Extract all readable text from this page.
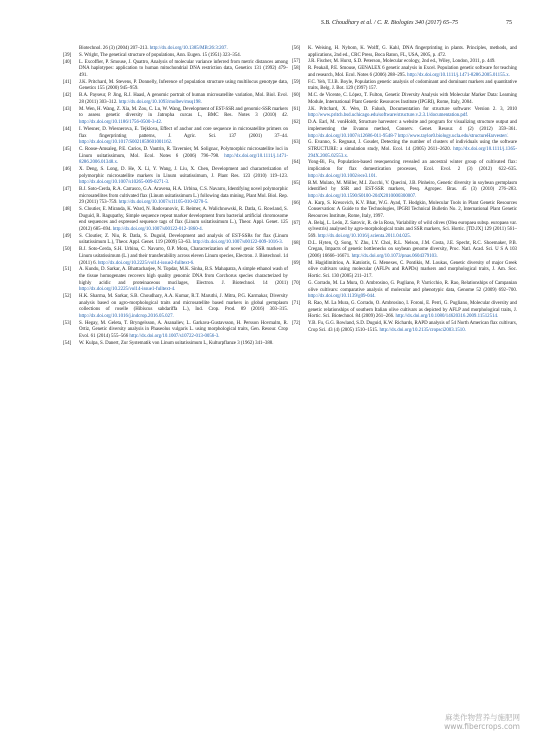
S.B. Choudhary et al. / C. R. Biologies 340 (2017) 65–75	75

Biotechnol. 26 (3) (2004) 207–213. http://dx.doi.org/10.1385/MB:26:3:207.

[39] S. Wright, The genetical structure of populations, Ann. Eugen. 15 (1951) 323–354.

[40] L. Excoffier, P. Smouse, J. Quattro, Analysis of molecular variance inferred from metric distances among DNA haplotypes: application to human mitochondrial DNA restriction data, Genetics 131 (1992) 479–491.

[41] J.K. Pritchard, M. Stevens, P. Donnelly, Inference of population structure using multilocus genotype data, Genetics 155 (2000) 945–959.

[42] B.A. Payseur, P. Jing, R.J. Haasl, A genomic portrait of human microsatellite variation, Mol. Biol. Evol. 28 (2011) 303–312. http://dx.doi.org/10.1093/molbev/msq198.

[43] M. Wen, H. Wang, Z. Xia, M. Zou, C. Lu, W. Wang, Development of EST-SSR and genomic-SSR markers to assess genetic diversity in Jatropha curcas L, BMC Res. Notes 3 (2010) 42. http://dx.doi.org/10.1186/1756-0500-3-42.

[44] I. Wiesner, D. Wiesnerova, E. Tejklova, Effect of anchor and core sequence in microsatellite primers on flax fingerprinting patterns, J. Agric. Sci. 137 (2001) 37–44. http://dx.doi.org/10.1017/S0021859601001162.

[45] C. Roose-Amsaleg, P.E. Carios, D. Vautrin, R. Tavernier, M. Solignac, Polymorphic microsatellite loci in Linum usitatissimum, Mol. Ecol. Notes 6 (2006) 796–798. http://dx.doi.org/10.1111/j.1471-8286.2006.01348.x.

[46] X. Deng, S. Long, D. He, X. Li, Y. Wang, J. Liu, X. Chen, Development and characterization of polymorphic microsatellite markers in Linum usitatissimum, J. Plant Res. 123 (2010) 119–123. http://dx.doi.org/10.1007/s10265-009-0271-3.

[47] B.J. Soto-Cerda, R.A. Carrasco, G.A. Aravena, H.A. Urbina, C.S. Navarro, Identifying novel polymorphic microsatellites from cultivated flax (Linum usitatissimum L.) following data mining, Plant Mol. Biol. Rep. 29 (2011) 753–759. http://dx.doi.org/10.1007/s11105-010-0270-5.

[48] S. Cloutier, E. Miranda, K. Ward, N. Radovanovic, E. Reimer, A. Walichnowski, R. Datla, G. Rowland, S. Duguid, R. Ragupathy, Simple sequence repeat marker development from bacterial artificial chromosome end sequences and expressed sequence tags of flax (Linum usitatissimum L.), Theor. Appl. Genet. 125 (2012) 685–694. http://dx.doi.org/10.1007/s00122-012-1860-4.

[49] S. Cloutier, Z. Niu, R. Datla, S. Duguid, Development and analysis of EST-SSRs for flax (Linum usitatissimum L.), Theor. Appl. Genet. 119 (2009) 53–63. http://dx.doi.org/10.1007/s00122-009-1016-3.

[50] B.J. Soto-Cerda, S.H. Urbina, C. Navarro, O.P. Mora, Characterization of novel genic SSR markers in Linum usitatissimum (L.) and their transferability across eleven Linum species, Electron. J. Biotechnol. 14 (2011) 6. http://dx.doi.org/10.2225/vol14-issue2-fulltext-6.

[51] A. Kundu, D. Sarkar, A. Bhattacharjee, N. Topdar, M.K. Sinha, B.S. Mahapatra, A simple ethanol wash of the tissue homogenates recovers high quality genomic DNA from Corchorus species characterized by highly acidic and proteinaceous mucilages, Electron. J. Biotechnol. 14 (2011) http://dx.doi.org/10.2225/vol14-issue1-fulltext-4.

[52] H.K. Sharma, M. Sarkar, S.B. Choudhary, A.A. Kumar, R.T. Maruthi, J. Mitra, P.G. Karmakar, Diversity analysis based on agro-morphological traits and microsatellite based markers in global germplasm collections of roselle (Hibiscus sabdariffa L.), Ind. Crop. Prod. 89 (2016) 303–315. http://dx.doi.org/10.1016/j.indcrop.2016.05.027.

[53] S. Hegay, M. Geleta, T. Bryngelsson, A. Asanaliev, L. Garkava-Gustavsson, H. Persson Hovmalm, R. Ortiz, Genetic diversity analysis in Phaseolus vulgaris L. using morphological traits, Gen. Resour. Crop Evol. 61 (2014) 555–566 http://dx.doi.org/10.1007/s10722-013-0056-3.

[54] W. Kulpa, S. Danert, Zur Systematik von Linum usitatissimum L, Kulturpflanze 3 (1962) 341–388.

[56] K. Weising, H. Nybom, K. Wolff, G. Kahl, DNA fingerprinting in plants. Principles, methods, and applications, 2nd ed., CRC Press, Boca Raton, FL, USA, 2005, p. 472.

[57] J.R. Fischer, M. Hurst, S.D. Peterson, Molecular ecology, 2nd ed., Wiley, London, 2011, p. 449.

[58] R. Peakall, P.E. Smouse, GENALEX 6 genetic analysis in Excel. Population genetic software for teaching and research, Mol. Ecol. Notes 6 (2006) 288–295. http://dx.doi.org/10.1111/j.1471-8286.2005.01155.x.

[59] F.C. Yeh, T.J.B. Boyle, Population genetic analysis of codominant and dominant markers and quantitative traits, Belg. J. Bot. 129 (1997) 157.

[60] M.C. de Vicente, C. López, T. Fulton, Genetic Diversity Analysis with Molecular Marker Data: Learning Module, International Plant Genetic Resources Institute (IPGRI), Rome, Italy, 2004.

[61] J.K. Pritchard, X. Wen, D. Falush, Documentation for structure software: Version 2. 3, 2010 http://www.pritch.bsd.uchicago.edu/software/structure.v.2.3.1/documentation.pdf.

[62] D.A. Earl, M. vonHoldt, Structure harvester: a website and program for visualizing structure output and implementing the Evanno method, Conserv. Genet. Resour. 4 (2) (2012) 359–361. http://dx.doi.org/10.1007/s12686-011-9548-7 http://www.taylor0.biology.ucla.edu/structureHarvester/.

[63] G. Evanno, S. Regnaut, J. Goudet, Detecting the number of clusters of individuals using the software STRUCTURE: a simulation study, Mol. Ecol. 14 (2005) 2611–2620. http://dx.doi.org/10.1111/j.1365-294X.2005.02553.x.

[64] Yong-Bi, Fu, Population-based resequencing revealed an ancestral winter group of cultivated flax: implication for flax domestication processes, Ecol. Evol. 2 (3) (2012) 622–635. http://dx.doi.org/10.1002/ece3.101.

[65] B.M. Mulato, M. Möller, M.I. Zucchi, V. Quecini, J.B. Pinheiro, Genetic diversity in soybean germplasm identified by SSR and EST-SSR markers, Pesq. Agropec. Bras. 45 (3) (2010) 276–283. http://dx.doi.org/10.1590/S0100-204X2010000300007.

[66] A. Karp, S. Kresovich, K.V. Bhat, W.G. Ayad, T. Hodgkin, Molecular Tools in Plant Genetic Resources Conservation: A Guide to the Technologies, IPGRI Technical Bulletin No. 2, International Plant Genetic Resources Institute, Rome, Italy, 1997.

[67] A. Belaj, L. León, Z. Satovic, R. de la Rosa, Variability of wild olives (Olea europaea subsp. europaea var. sylvestris) analysed by agro-morphological traits and SSR markers, Sci. Hortic. [TD.JX] 129 (2011) 561–569. http://dx.doi.org/10.1016/j.scienta.2011.04.025.

[68] D.L. Hyten, Q. Song, Y. Zhu, I.Y. Choi, R.L. Nelson, J.M. Costa, J.E. Specht, R.C. Shoemaker, P.B. Cregan, Impacts of genetic bottlenecks on soybean genome diversity, Proc. Natl. Acad. Sci. U S A 103 (2006) 16666–16671. http://dx.doi.org/10.1073/pnas.0604379103.

[69] M. Hagidimitriou, A. Katsiotis, G. Menexes, C. Pontikis, M. Loukas, Genetic diversity of major Greek olive cultivars using molecular (AFLPs and RAPDs) markers and morphological traits, J. Am. Soc. Hortic. Sci. 130 (2005) 211–217.

[70] G. Corrado, M. La Mura, O. Ambrosino, G. Pugliano, P. Varricchio, R. Rao, Relationships of Campanian olive cultivars: comparative analysis of molecular and phenotypic data, Genome 52 (2009) 692–700. http://dx.doi.org/10.1139/g09-044.

[71] R. Rao, M. La Mura, G. Corrado, O. Ambrosino, I. Foroni, E. Perri, G. Pugliano, Molecular diversity and genetic relationships of southern Italian olive cultivars as depicted by AFLP and morphological traits, J. Hortic. Sci. Biotechnol. 84 (2009) 261–266. http://dx.doi.org/10.1080/14620316.2009.11512514.

[72] Y.B. Fu, G.G. Rowland, S.D. Duguid, K.W. Richards, RAPD analysis of 54 North American flax cultivars, Crop Sci. 43 (4) (2005) 1510–1515. http://dx.doi.org/10.2135/cropsci2003.1510.

麻类作物营养与施肥网
www.fibercrops.com
